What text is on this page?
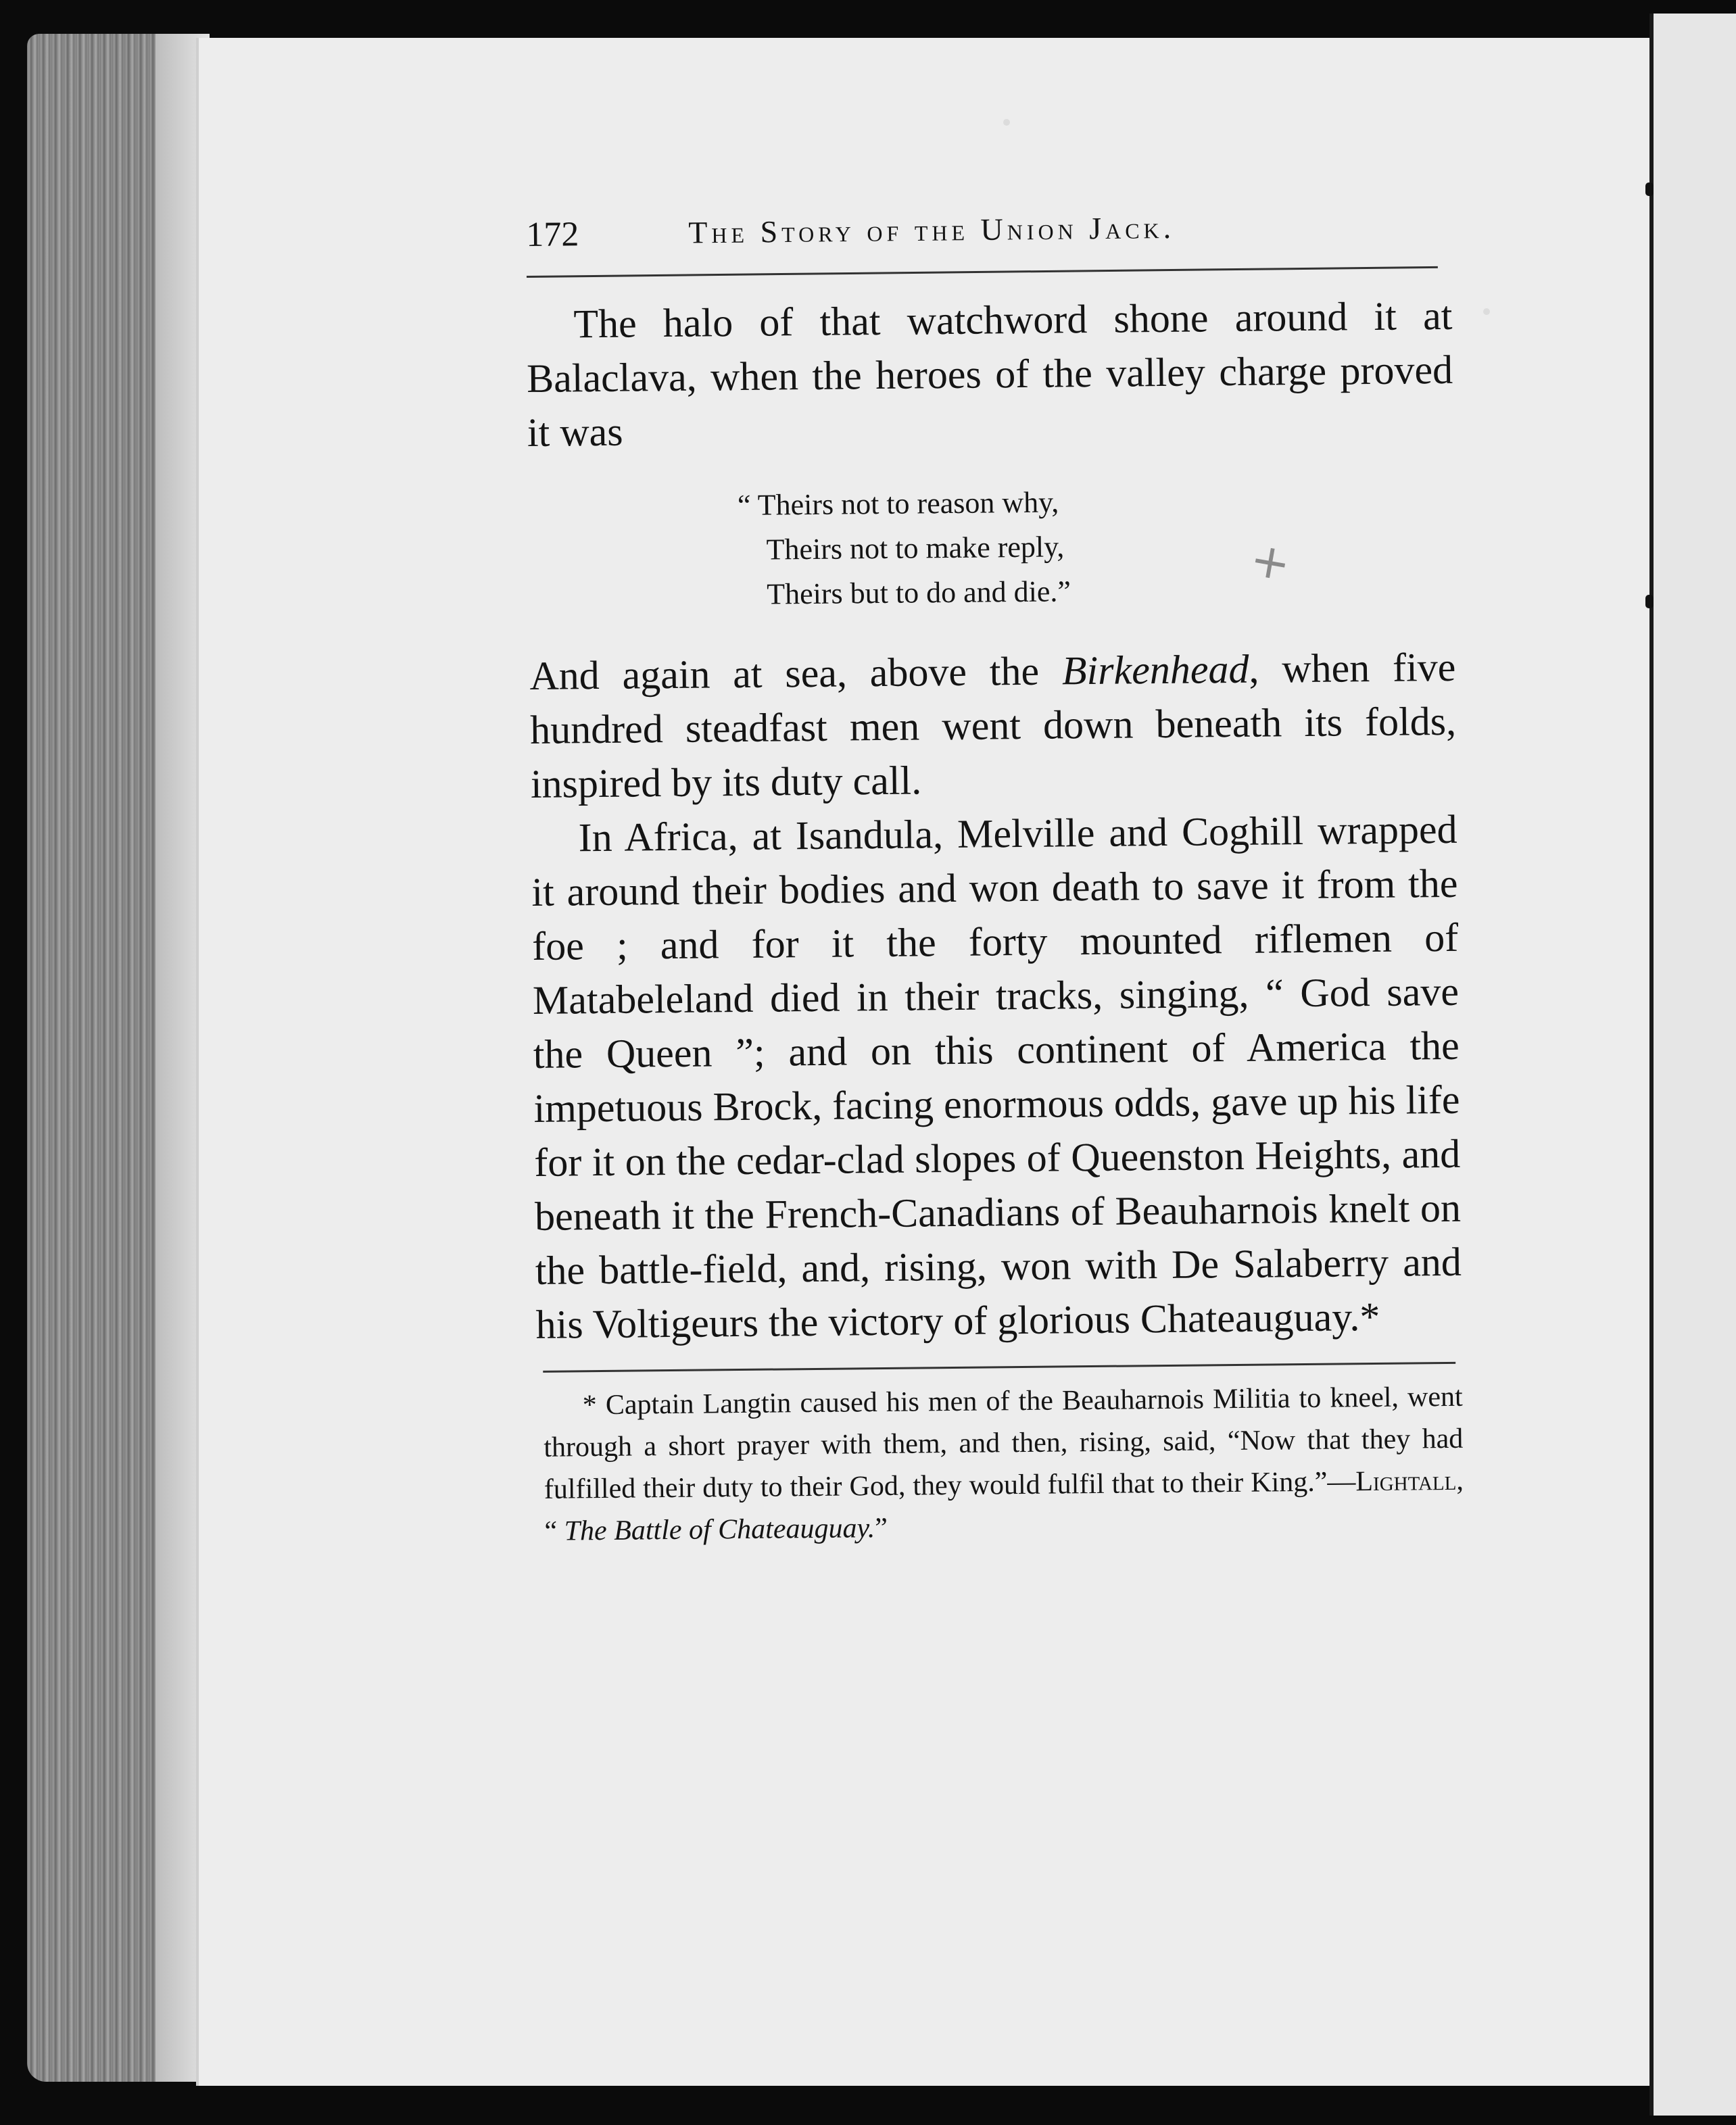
172	The Story of the Union Jack.
+

The halo of that watchword shone around it at Balaclava, when the heroes of the valley charge proved it was

“ Theirs not to reason why,
Theirs not to make reply,
Theirs but to do and die.”

And again at sea, above the Birkenhead, when five hundred steadfast men went down beneath its folds, inspired by its duty call.

In Africa, at Isandula, Melville and Coghill wrapped it around their bodies and won death to save it from the foe ; and for it the forty mounted riflemen of Matabeleland died in their tracks, singing, “ God save the Queen ”; and on this continent of America the impetuous Brock, facing enormous odds, gave up his life for it on the cedar-clad slopes of Queenston Heights, and beneath it the French-Canadians of Beauharnois knelt on the battle-field, and, rising, won with De Salaberry and his Voltigeurs the victory of glorious Chateauguay.*

* Captain Langtin caused his men of the Beauharnois Militia to kneel, went through a short prayer with them, and then, rising, said, “Now that they had fulfilled their duty to their God, they would fulfil that to their King.”—Lightall, “ The Battle of Chateauguay.”
